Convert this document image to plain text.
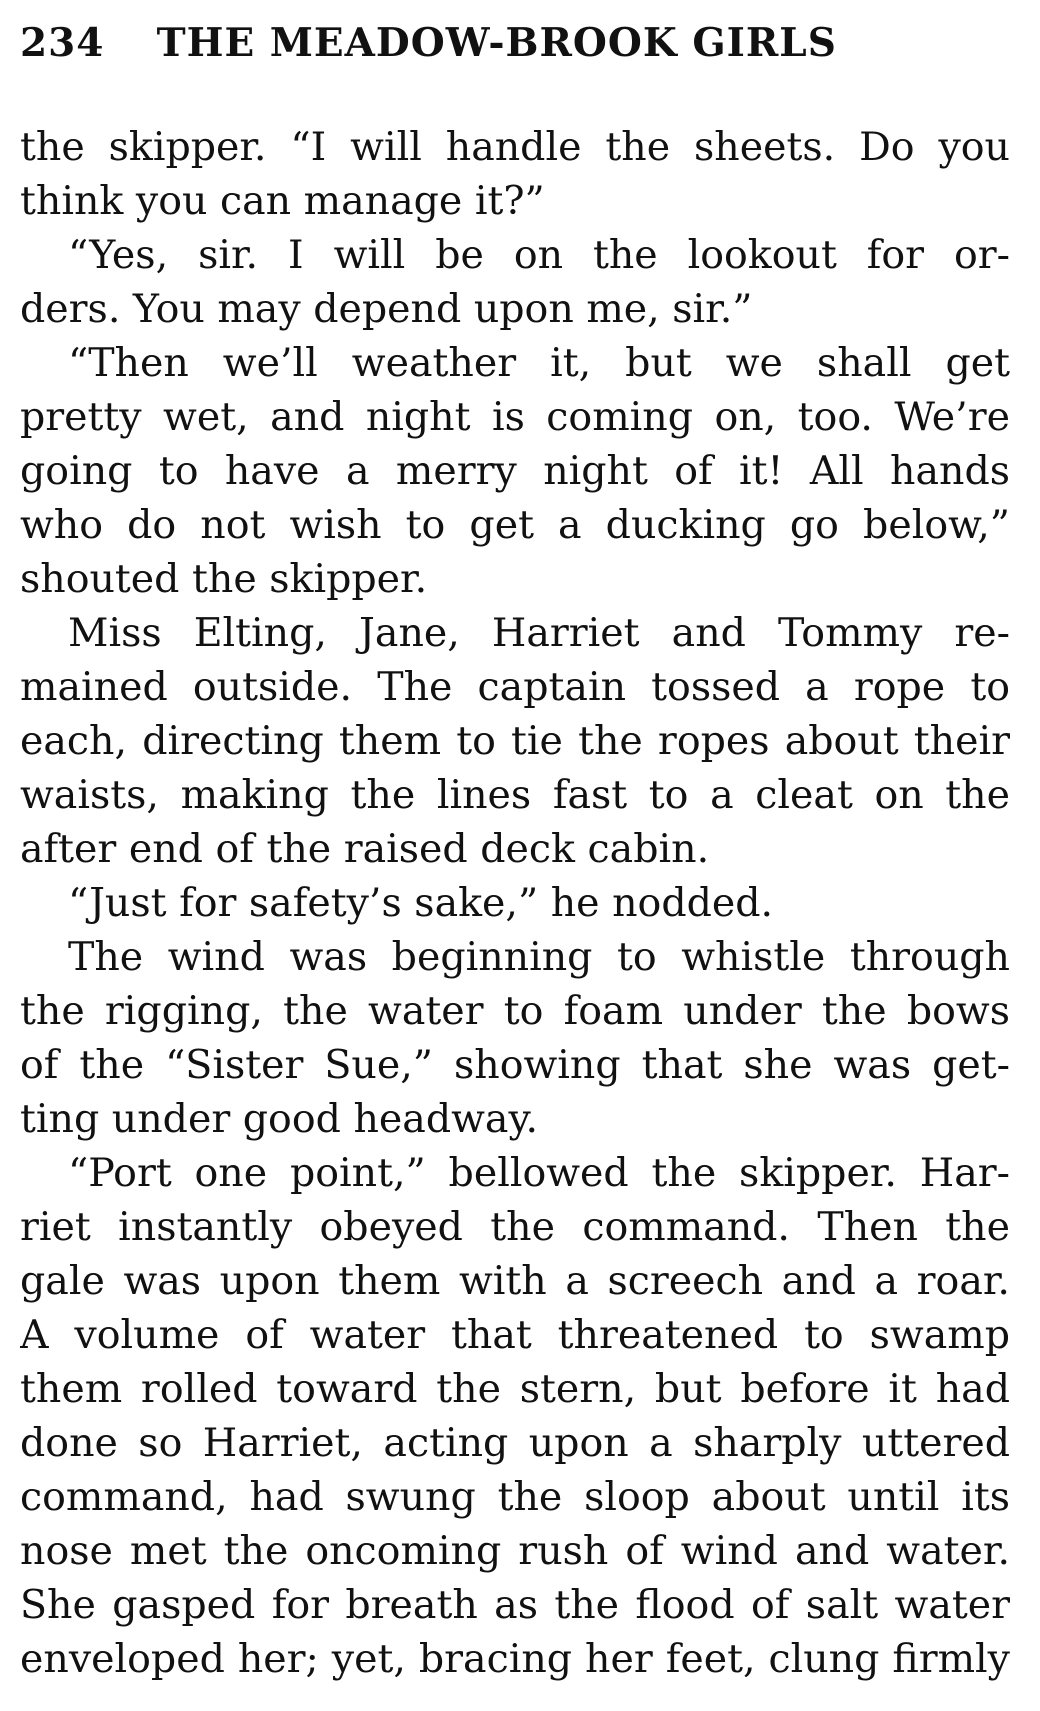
234 THE MEADOW-BROOK GIRLS
the skipper. “I will handle the sheets. Do you
think you can manage it?”
“Yes, sir. I will be on the lookout for or-
ders. You may depend upon me, sir.”
“Then we’ll weather it, but we shall get
pretty wet, and night is coming on, too. We’re
going to have a merry night of it! All hands
who do not wish to get a ducking go below,”
shouted the skipper.
Miss Elting, Jane, Harriet and Tommy re-
mained outside. The captain tossed a rope to
each, directing them to tie the ropes about their
waists, making the lines fast to a cleat on the
after end of the raised deck cabin.
“Just for safety’s sake,” he nodded.
The wind was beginning to whistle through
the rigging, the water to foam under the bows
of the “Sister Sue,” showing that she was get-
ting under good headway.
“Port one point,” bellowed the skipper. Har-
riet instantly obeyed the command. Then the
gale was upon them with a screech and a roar.
A volume of water that threatened to swamp
them rolled toward the stern, but before it had
done so Harriet, acting upon a sharply uttered
command, had swung the sloop about until its
nose met the oncoming rush of wind and water.
She gasped for breath as the flood of salt water
enveloped her; yet, bracing her feet, clung firmly
